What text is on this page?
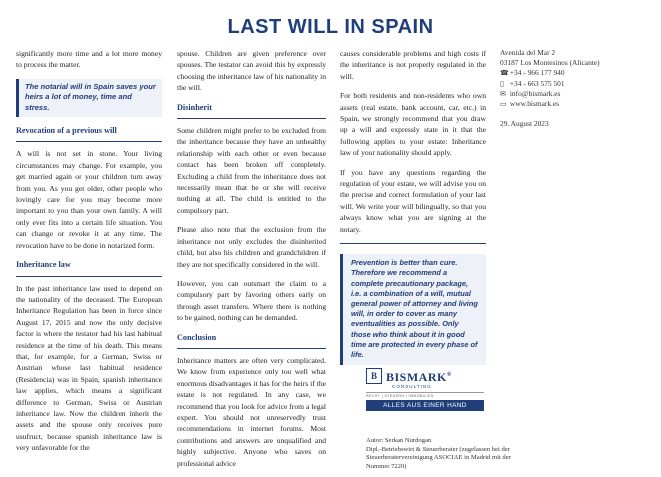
LAST WILL IN SPAIN

significantly more time and a lot more money to process the matter.

The notarial will in Spain saves your heirs a lot of money, time and stress.
Revocation of a previous will

A will is not set in stone. Your living circumstances may change. For example, you get married again or your children turn away from you. As you get older, other people who lovingly care for you may become more important to you than your own family. A will only ever fits into a certain life situation. You can change or revoke it at any time. The revocation have to be done in notarized form.

Inheritance law

In the past inheritance law used to depend on the nationality of the deceased. The European Inheritance Regulation has been in force since August 17, 2015 and now the only decisive factor is where the testator had his last habitual residence at the time of his death. This means that, for example, for a German, Swiss or Austrian whose last habitual residence (Residencia) was in Spain, spanish inheritance law applies, which means a significant difference to German, Swiss or Austrian inheritance law. Now the children inherit the assets and the spouse only receives pure usufruct, because spanish inheritance law is very unfavorable for the

spouse. Children are given preference over spouses. The testator can avoid this by expressly choosing the inheritance law of his nationality in the will.

Disinherit

Some children might prefer to be excluded from the inheritance because they have an unhealthy relationship with each other or even because contact has been broken off completely. Excluding a child from the inheritance does not necessarily mean that he or she will receive nothing at all. The child is entitled to the compulsory part.

Please also note that the exclusion from the inheritance not only excludes the disinherited child, but also his children and grandchildren if they are not specifically considered in the will.

However, you can outsmart the claim to a compulsory part by favoring others early on through asset transfers. Where there is nothing to be gained, nothing can be demanded.

Conclusion

Inheritance matters are often very complicated. We know from experience only too well what enormous disadvantages it has for the heirs if the estate is not regulated. In any case, we recommend that you look for advice from a legal expert. You should not unreservedly trust recommendations in internet forums. Most contributions and answers are unqualified and highly subjective. Anyone who saves on professional advice

causes considerable problems and high costs if the inheritance is not properly regulated in the will.

For both residents and non-residents who own assets (real estate, bank account, car, etc.) in Spain, we strongly recommend that you draw up a will and expressly state in it that the following applies to your estate: Inheritance law of your nationality should apply.

If you have any questions regarding the regulation of your estate, we will advise you on the precise and correct formulation of your last will. We write your will bilingually, so that you always know what you are signing at the notary.

Prevention is better than cure. Therefore we recommend a complete precautionary package, i.e. a combination of a will, mutual general power of attorney and living will, in order to cover as many eventualities as possible. Only those who think about it in good time are protected in every phase of life.
Avenida del Mar 2
03187 Los Montesinos (Alicante)
☎ +34 - 966 177 940
▯ +34 - 663 575 501
✉ info@bismark.es
▭ www.bismark.es
29. August 2023
B BISMARK®
CONSULTING
RECHT | STEUERN | IMMOBILIEN
ALLES AUS EINER HAND
Autor: Serkan Nurdogan
Dipl.-Betriebswirt & Steuerberater (zugelassen bei der Steuerberatervereinigung ASOCIAE in Madrid mit der Nummer 7220)
